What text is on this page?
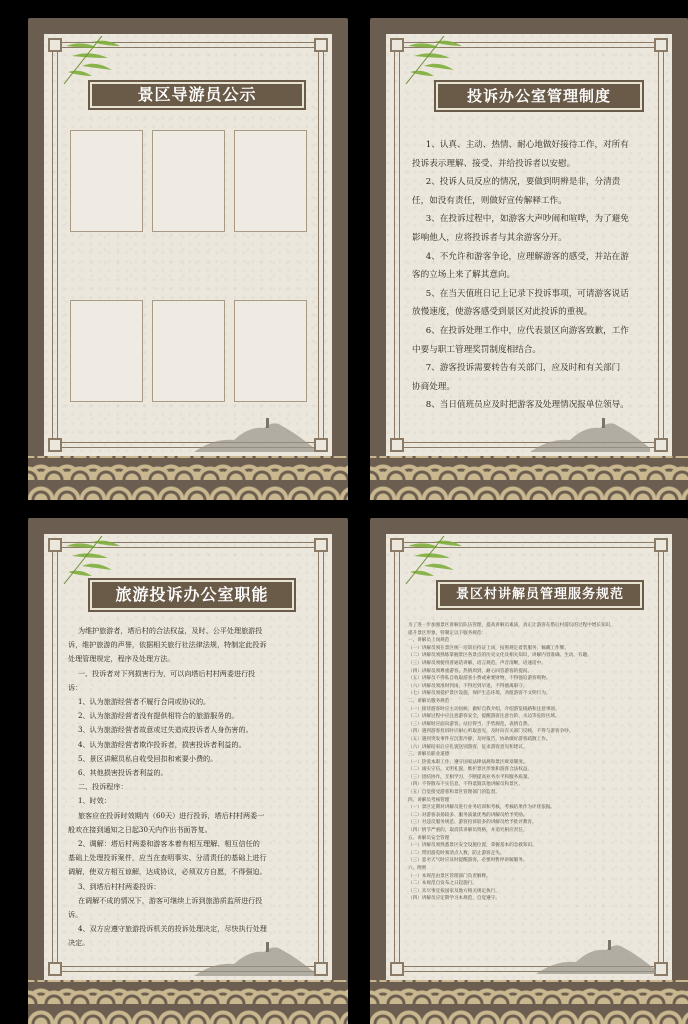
景区导游员公示	投诉办公室管理制度

1、认真、主动、热情、耐心地做好接待工作，对所有

投诉表示理解、接受、并给投诉者以安慰。

2、投诉人员反应的情况，要做到明辨是非，分清责

任，如没有责任，则做好宣传解释工作。

3、在投诉过程中，如游客大声吵闹和喧哗，为了避免

影响他人，应将投诉者与其余游客分开。

4、不允许和游客争论，应理解游客的感受，并站在游

客的立场上来了解其意向。

5、在当天值班日记上记录下投诉事项，可请游客说话

放慢速度，使游客感受到景区对此投诉的重视。

6、在投诉处理工作中，应代表景区向游客致歉，工作

中要与职工管理奖罚制度相结合。

7、游客投诉需要转告有关部门，应及时和有关部门

协商处理。

8、当日值班员应及时把游客及处理情况报单位领导。

旅游投诉办公室职能

为维护旅游者，塔后村的合法权益，及时、公平处理旅游投

诉，维护旅游的声誉，依据相关旅行社法律法规，特制定此投诉

处理管理规定，程序及处理方法。

一、投诉者对下列损害行为，可以向塔后村村两委进行投

诉：

1、认为旅游经营者不履行合同或协议的。

2、认为旅游经营者没有提供相符合的旅游服务的。

3、认为旅游经营者故意或过失造成投诉者人身伤害的。

4、认为旅游经营者欺诈投诉者，损害投诉者利益的。

5、景区讲解员私自收受回扣和索要小费的。

6、其他损害投诉者利益的。

二、投诉程序：

1、时效：

旅客应在投诉时效期内（60天）进行投诉，塔后村村两委一

般欢在接到通知之日起30天内作出书面答复。

2、调解：塔后村两委和游客本着有相互理解、相互信任的

基础上处理投诉案件，应当在查明事实、分清责任的基础上进行

调解，使双方相互谅解，达成协议，必须双方自愿，不得强迫。

3、到塔后村村两委投诉：

在调解不成的情况下，游客可继续上诉到旅游质监所进行投

诉。

4、双方应遵守旅游投诉机关的投诉处理决定，尽快执行处理

决定。

景区村讲解员管理服务规范

为了进一步加强景区讲解员队伍管理，提高讲解员素质，真正让游客在塔后村游玩的过程中增长知识，

提升景区形象，特制定以下服务规范：

一、讲解员上岗规范

（一）讲解员须在景区统一培训后持证上岗，按照规定着装服务，佩戴工作牌。

（二）讲解员须熟练掌握景区各景点的历史文化及相关知识，讲解内容准确、生动、有趣。

（三）讲解员须使用普通话讲解，语言规范，声音清晰，语速适中。

（四）讲解员须尊重游客，热情周到，耐心回答游客的提问。

（五）讲解员不得私自收取游客小费或索要财物，不得强迫游客购物。

（六）讲解员须准时到岗，不得迟到早退，不得擅离职守。

（七）讲解员须爱护景区设施，保护生态环境，劝阻游客不文明行为。

二、讲解员服务规范

（一）接待游客时应主动问候，做好自我介绍，介绍游览线路和注意事项。

（二）讲解过程中应注意游客安全，提醒游客注意台阶、水边等危险区域。

（三）讲解时应面向游客，站位得当，手势规范，表情自然。

（四）遇到游客投诉时应耐心听取意见，及时向有关部门反映，不得与游客争吵。

（五）遇到突发事件应沉着冷静，及时报告，协助做好游客疏散工作。

（六）讲解结束后应礼貌送别游客，征求游客意见和建议。

三、讲解员职业道德

（一）热爱本职工作，遵守国家法律法规和景区规章制度。

（二）诚实守信，文明礼貌，维护景区形象和游客合法权益。

（三）团结协作，互相学习，不断提高业务水平和服务质量。

（四）不得散布不实信息，不得诋毁其他讲解员和景区。

（五）自觉接受游客和景区管理部门的监督。

四、讲解员考核管理

（一）景区定期对讲解员进行业务培训和考核，考核结果作为评优依据。

（二）对游客表扬较多、服务质量优秀的讲解员给予奖励。

（三）对违反服务规范、游客投诉较多的讲解员给予批评教育。

（四）情节严重的，取消其讲解员资格，并追究相应责任。

五、讲解员安全管理

（一）讲解员须熟悉景区安全设施位置，掌握基本的急救知识。

（二）带团游览时须清点人数，防止游客走失。

（三）恶劣天气时应及时提醒游客，必要时暂停讲解服务。

六、附则

（一）本规范由景区管理部门负责解释。

（二）本规范自发布之日起施行。

（三）未尽事宜按国家及地方相关规定执行。

（四）讲解员应定期学习本规范，自觉遵守。
